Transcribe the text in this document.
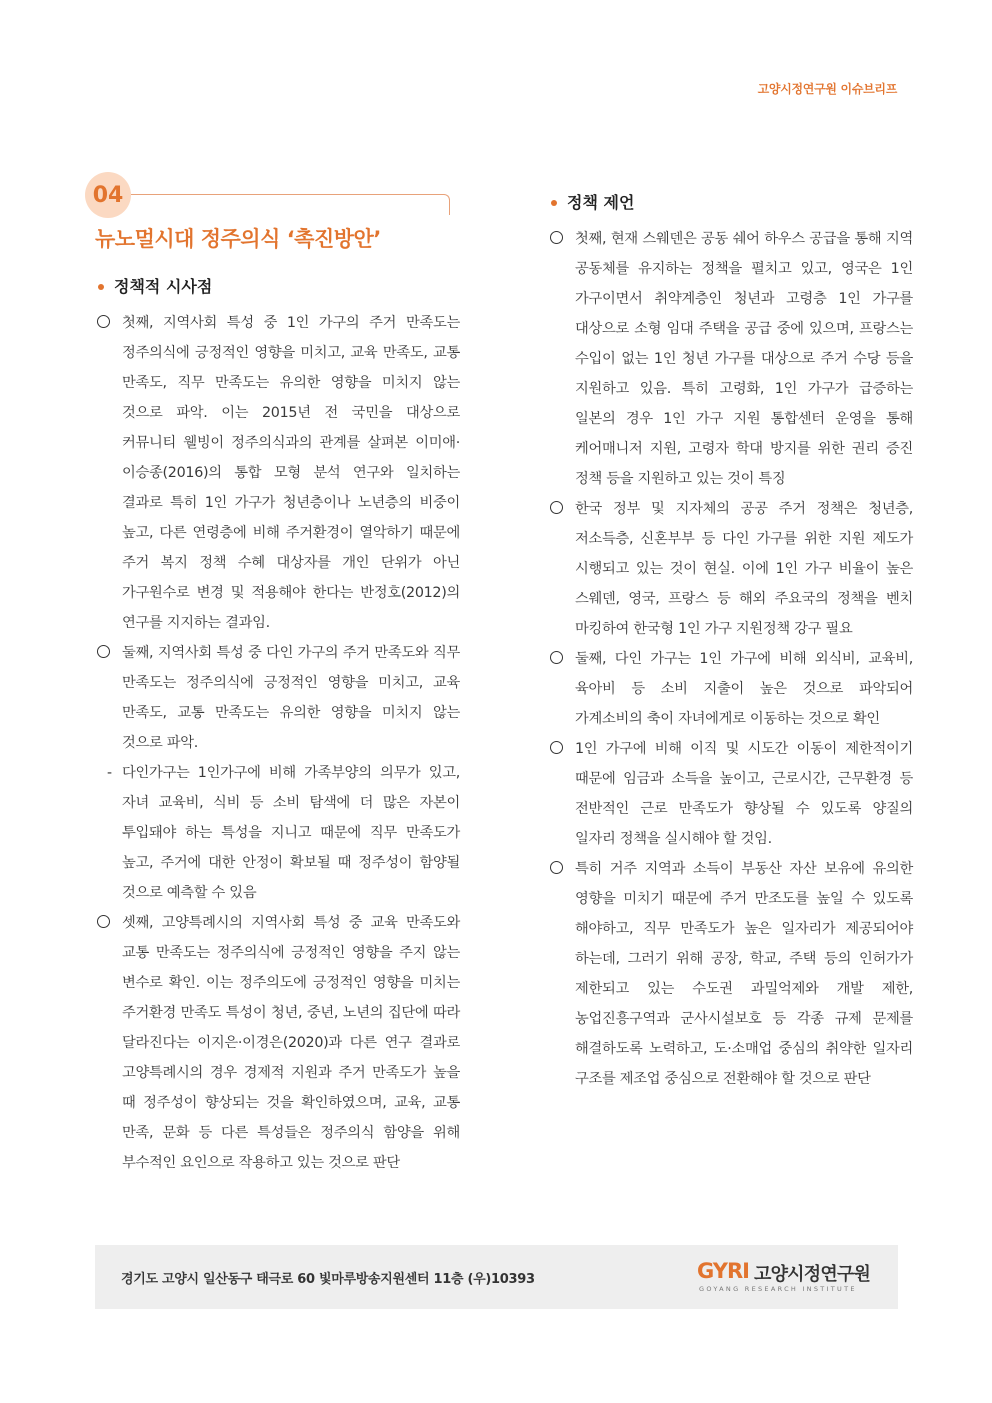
고양시정연구원 이슈브리프
04
뉴노멀시대 정주의식 ‘촉진방안’
정책적 시사점
첫째, 지역사회 특성 중 1인 가구의 주거 만족도는 정주의식에 긍정적인 영향을 미치고, 교육 만족도, 교통 만족도, 직무 만족도는 유의한 영향을 미치지 않는 것으로 파악. 이는 2015년 전 국민을 대상으로 커뮤니티 웰빙이 정주의식과의 관계를 살펴본 이미애·이승종(2016)의 통합 모형 분석 연구와 일치하는 결과로 특히 1인 가구가 청년층이나 노년층의 비중이 높고, 다른 연령층에 비해 주거환경이 열악하기 때문에 주거 복지 정책 수혜 대상자를 개인 단위가 아닌 가구원수로 변경 및 적용해야 한다는 반정호(2012)의 연구를 지지하는 결과임.
둘째, 지역사회 특성 중 다인 가구의 주거 만족도와 직무 만족도는 정주의식에 긍정적인 영향을 미치고, 교육 만족도, 교통 만족도는 유의한 영향을 미치지 않는 것으로 파악.
- 다인가구는 1인가구에 비해 가족부양의 의무가 있고, 자녀 교육비, 식비 등 소비 탐색에 더 많은 자본이 투입돼야 하는 특성을 지니고 때문에 직무 만족도가 높고, 주거에 대한 안정이 확보될 때 정주성이 함양될 것으로 예측할 수 있음
셋째, 고양특례시의 지역사회 특성 중 교육 만족도와 교통 만족도는 정주의식에 긍정적인 영향을 주지 않는 변수로 확인. 이는 정주의도에 긍정적인 영향을 미치는 주거환경 만족도 특성이 청년, 중년, 노년의 집단에 따라 달라진다는 이지은·이경은(2020)과 다른 연구 결과로 고양특례시의 경우 경제적 지원과 주거 만족도가 높을 때 정주성이 향상되는 것을 확인하였으며, 교육, 교통 만족, 문화 등 다른 특성들은 정주의식 함양을 위해 부수적인 요인으로 작용하고 있는 것으로 판단
정책 제언
첫째, 현재 스웨덴은 공동 쉐어 하우스 공급을 통해 지역 공동체를 유지하는 정책을 펼치고 있고, 영국은 1인 가구이면서 취약계층인 청년과 고령층 1인 가구를 대상으로 소형 임대 주택을 공급 중에 있으며, 프랑스는 수입이 없는 1인 청년 가구를 대상으로 주거 수당 등을 지원하고 있음. 특히 고령화, 1인 가구가 급증하는 일본의 경우 1인 가구 지원 통합센터 운영을 통해 케어매니저 지원, 고령자 학대 방지를 위한 권리 증진 정책 등을 지원하고 있는 것이 특징
한국 정부 및 지자체의 공공 주거 정책은 청년층, 저소득층, 신혼부부 등 다인 가구를 위한 지원 제도가 시행되고 있는 것이 현실. 이에 1인 가구 비율이 높은 스웨덴, 영국, 프랑스 등 해외 주요국의 정책을 벤치 마킹하여 한국형 1인 가구 지원정책 강구 필요
둘째, 다인 가구는 1인 가구에 비해 외식비, 교육비, 육아비 등 소비 지출이 높은 것으로 파악되어 가계소비의 축이 자녀에게로 이동하는 것으로 확인
1인 가구에 비해 이직 및 시도간 이동이 제한적이기 때문에 임금과 소득을 높이고, 근로시간, 근무환경 등 전반적인 근로 만족도가 향상될 수 있도록 양질의 일자리 정책을 실시해야 할 것임.
특히 거주 지역과 소득이 부동산 자산 보유에 유의한 영향을 미치기 때문에 주거 만조도를 높일 수 있도록 해야하고, 직무 만족도가 높은 일자리가 제공되어야 하는데, 그러기 위해 공장, 학교, 주택 등의 인허가가 제한되고 있는 수도권 과밀억제와 개발 제한, 농업진흥구역과 군사시설보호 등 각종 규제 문제를 해결하도록 노력하고, 도·소매업 중심의 취약한 일자리 구조를 제조업 중심으로 전환해야 할 것으로 판단
경기도 고양시 일산동구 태극로 60 빛마루방송지원센터 11층 (우)10393	GYRI 고양시정연구원
GOYANG RESEARCH INSTITUTE
